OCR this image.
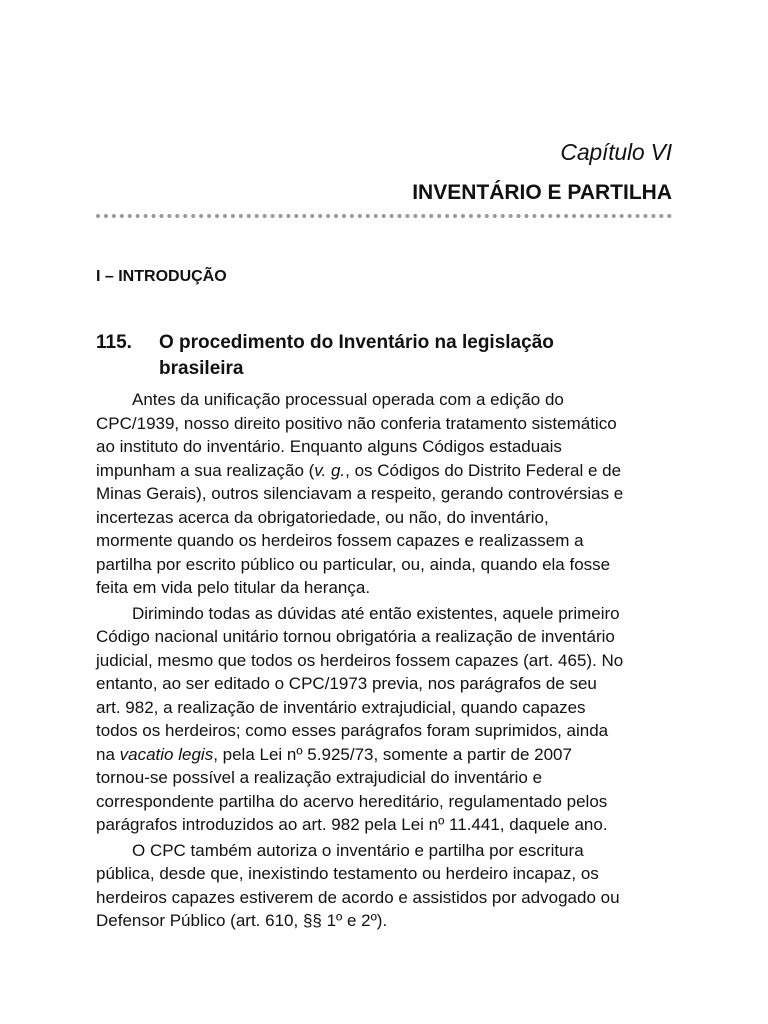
Capítulo VI
INVENTÁRIO E PARTILHA
I – INTRODUÇÃO
115. O procedimento do Inventário na legislação
brasileira

Antes da unificação processual operada com a edição do
CPC/1939, nosso direito positivo não conferia tratamento sistemático
ao instituto do inventário. Enquanto alguns Códigos estaduais
impunham a sua realização (v. g., os Códigos do Distrito Federal e de
Minas Gerais), outros silenciavam a respeito, gerando controvérsias e
incertezas acerca da obrigatoriedade, ou não, do inventário,
mormente quando os herdeiros fossem capazes e realizassem a
partilha por escrito público ou particular, ou, ainda, quando ela fosse
feita em vida pelo titular da herança.

Dirimindo todas as dúvidas até então existentes, aquele primeiro
Código nacional unitário tornou obrigatória a realização de inventário
judicial, mesmo que todos os herdeiros fossem capazes (art. 465). No
entanto, ao ser editado o CPC/1973 previa, nos parágrafos de seu
art. 982, a realização de inventário extrajudicial, quando capazes
todos os herdeiros; como esses parágrafos foram suprimidos, ainda
na vacatio legis, pela Lei nº 5.925/73, somente a partir de 2007
tornou-se possível a realização extrajudicial do inventário e
correspondente partilha do acervo hereditário, regulamentado pelos
parágrafos introduzidos ao art. 982 pela Lei nº 11.441, daquele ano.

O CPC também autoriza o inventário e partilha por escritura
pública, desde que, inexistindo testamento ou herdeiro incapaz, os
herdeiros capazes estiverem de acordo e assistidos por advogado ou
Defensor Público (art. 610, §§ 1º e 2º).
